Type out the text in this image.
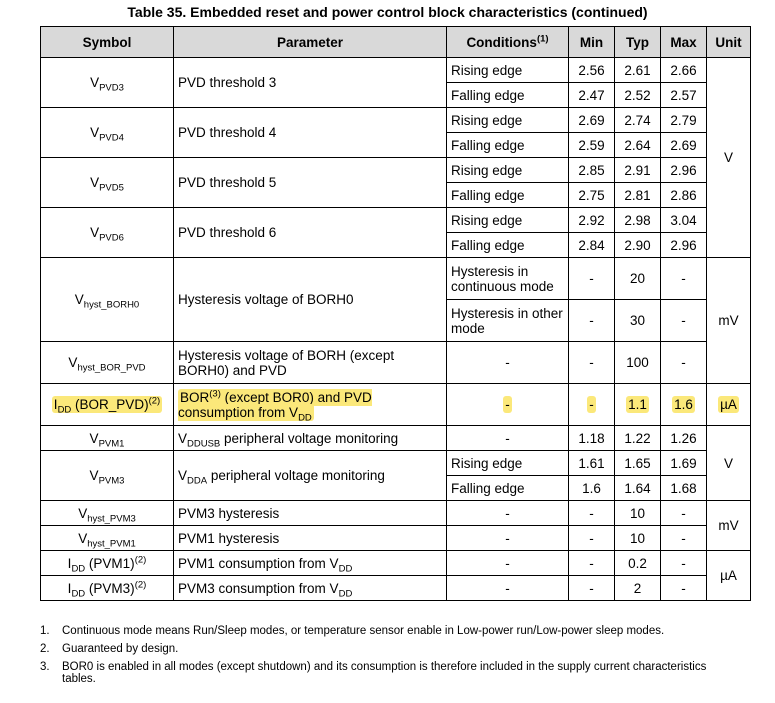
Table 35. Embedded reset and power control block characteristics (continued)
Symbol	Parameter	Conditions$^{(1)}$	Min	Typ	Max	Unit
$V_{PVD3}$	PVD threshold 3	Rising edge	2.56	2.61	2.66	V
		Falling edge	2.47	2.52	2.57	
$V_{PVD4}$	PVD threshold 4	Rising edge	2.69	2.74	2.79	
		Falling edge	2.59	2.64	2.69	
$V_{PVD5}$	PVD threshold 5	Rising edge	2.85	2.91	2.96	
		Falling edge	2.75	2.81	2.86	
$V_{PVD6}$	PVD threshold 6	Rising edge	2.92	2.98	3.04	
		Falling edge	2.84	2.90	2.96	
$V_{hyst\_BORH0}$	Hysteresis voltage of BORH0	Hysteresis in continuous mode	-	20	-	mV
		Hysteresis in other mode	-	30	-	
$V_{hyst\_BOR\_PVD}$	Hysteresis voltage of BORH (except BORH0) and PVD	-	-	100	-	
$I_{DD}$ (BOR_PVD)$^{(2)}$	BOR$^{(3)}$ (except BOR0) and PVD consumption from $V_{DD}$	-	-	1.1	1.6	µA
$V_{PVM1}$	$V_{DDUSB}$ peripheral voltage monitoring	-	1.18	1.22	1.26	V
$V_{PVM3}$	$V_{DDA}$ peripheral voltage monitoring	Rising edge	1.61	1.65	1.69	
		Falling edge	1.6	1.64	1.68	
$V_{hyst\_PVM3}$	PVM3 hysteresis	-	-	10	-	mV
$V_{hyst\_PVM1}$	PVM1 hysteresis	-	-	10	-	
$I_{DD}$ $(PVM1)^{(2)}$	PVM1 consumption from $V_{DD}$	-	-	0.2	-	µA
$I_{DD}$ $(PVM3)^{(2)}$	PVM3 consumption from $V_{DD}$	-	-	2	-	
1.	Continuous mode means Run/Sleep modes, or temperature sensor enable in Low-power run/Low-power sleep modes.
2.	Guaranteed by design.
3.	BOR0 is enabled in all modes (except shutdown) and its consumption is therefore included in the supply current characteristics tables.
